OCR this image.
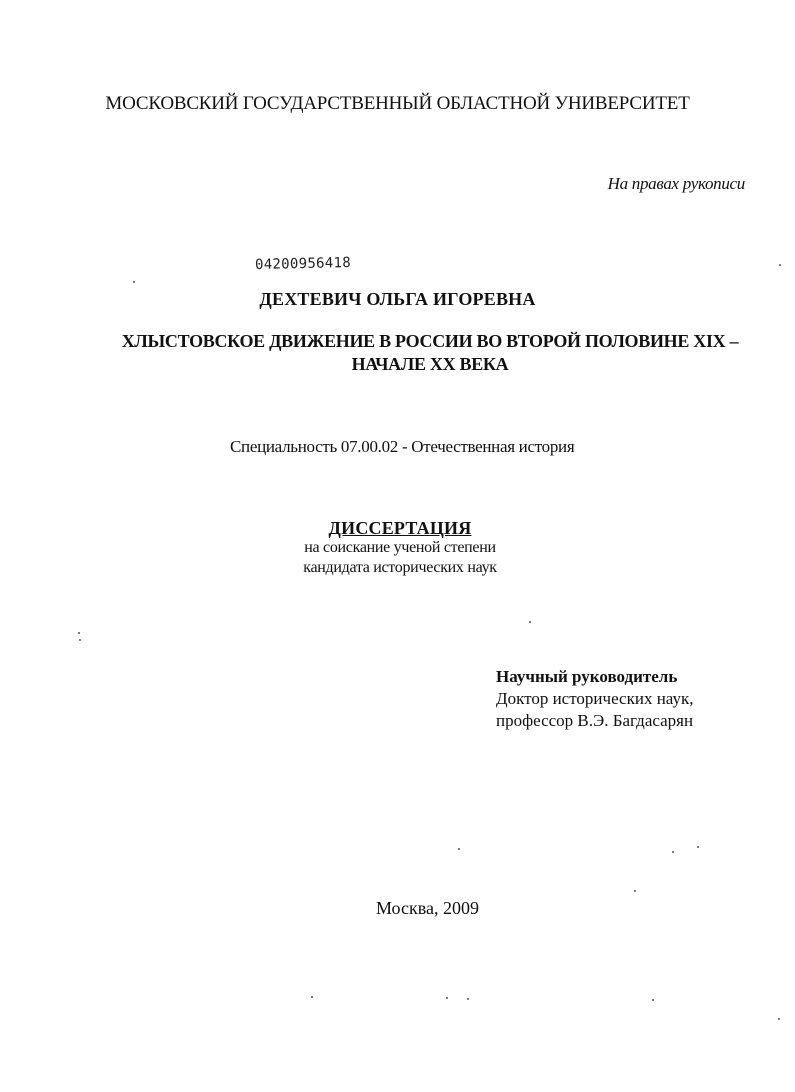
МОСКОВСКИЙ ГОСУДАРСТВЕННЫЙ ОБЛАСТНОЙ УНИВЕРСИТЕТ
На правах рукописи
04200956418
ДЕХТЕВИЧ ОЛЬГА ИГОРЕВНА
ХЛЫСТОВСКОЕ ДВИЖЕНИЕ В РОССИИ ВО ВТОРОЙ ПОЛОВИНЕ XIX –
НАЧАЛЕ XX ВЕКА
Специальность 07.00.02 - Отечественная история
ДИССЕРТАЦИЯ
на соискание ученой степени
кандидата исторических наук
Научный руководитель
Доктор исторических наук,
профессор В.Э. Багдасарян
Москва, 2009
